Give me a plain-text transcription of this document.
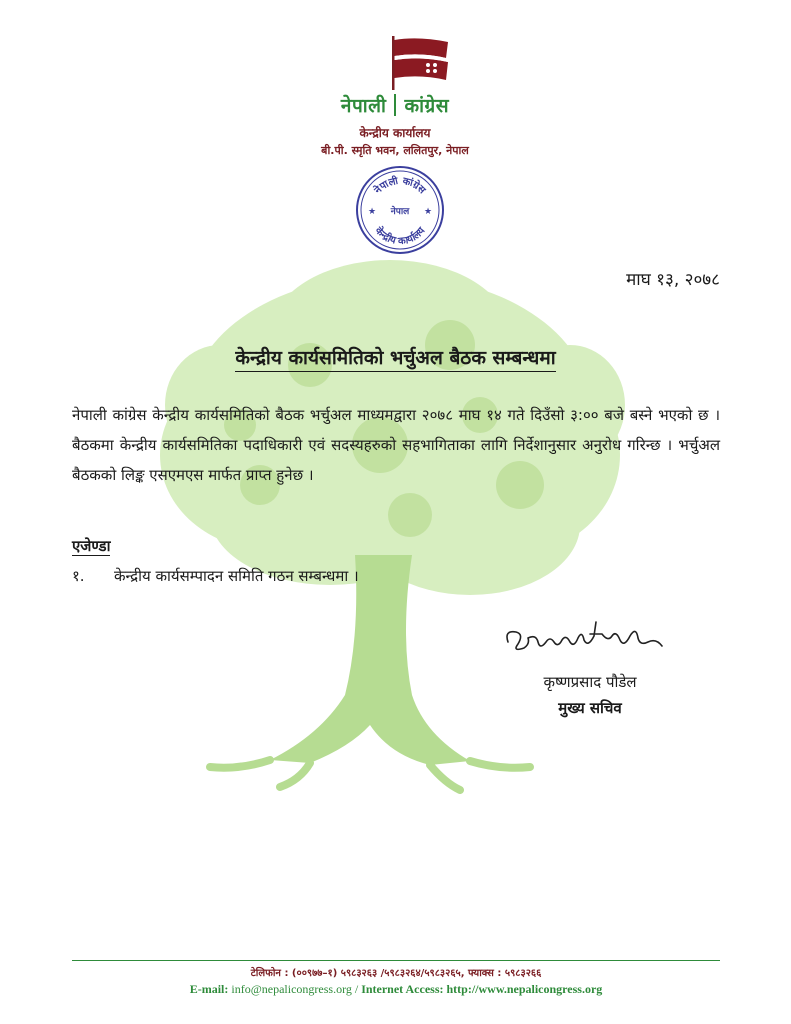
नेपाली कांग्रेस
केन्द्रीय कार्यालय
बी.पी. स्मृति भवन, ललितपुर, नेपाल
नेपाली कांग्रेस
नेपाल
केन्द्रीय कार्यालय
★	★
माघ १३, २०७८
केन्द्रीय कार्यसमितिको भर्चुअल बैठक सम्बन्धमा
नेपाली कांग्रेस केन्द्रीय कार्यसमितिको बैठक भर्चुअल माध्यमद्वारा २०७८ माघ १४ गते दिउँसो ३:०० बजे बस्ने भएको छ । बैठकमा केन्द्रीय कार्यसमितिका पदाधिकारी एवं सदस्यहरुको सहभागिताका लागि निर्देशानुसार अनुरोध गरिन्छ । भर्चुअल बैठकको लिङ्क एसएमएस मार्फत प्राप्त हुनेछ ।
एजेण्डा
१. केन्द्रीय कार्यसम्पादन समिति गठन सम्बन्धमा ।
कृष्णप्रसाद पौडेल
मुख्य सचिव
टेलिफोन : (००९७७–१) ५९८३२६३ /५९८३२६४/५९८३२६५, फ्याक्स : ५९८३२६६
E-mail: info@nepalicongress.org / Internet Access: http://www.nepalicongress.org
